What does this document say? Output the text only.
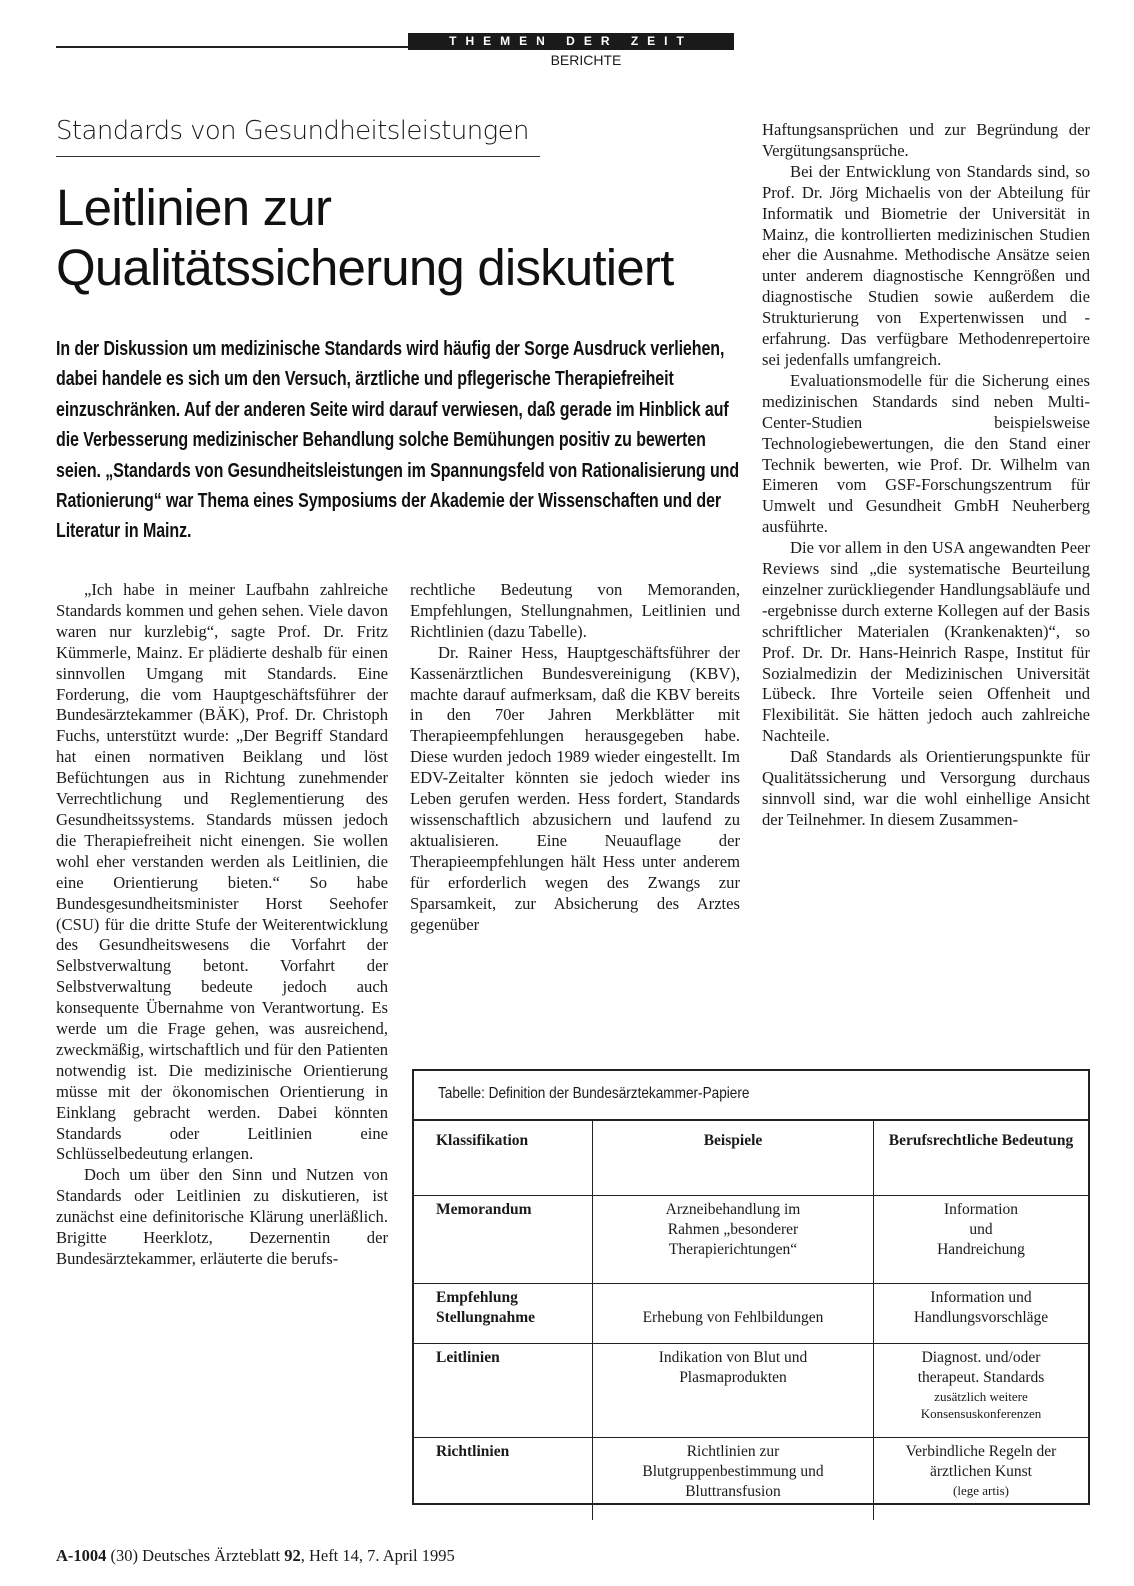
THEMEN DER ZEIT
BERICHTE
Standards von Gesundheitsleistungen
Leitlinien zur Qualitätssicherung diskutiert

In der Diskussion um medizinische Standards wird häufig der Sorge Ausdruck verliehen, dabei handele es sich um den Versuch, ärztliche und pflegerische Therapiefreiheit einzuschränken. Auf der anderen Seite wird darauf verwiesen, daß gerade im Hinblick auf die Verbesserung medizinischer Behandlung solche Bemühungen positiv zu bewerten seien. „Standards von Gesundheitsleistungen im Spannungsfeld von Rationalisierung und Rationierung“ war Thema eines Symposiums der Akademie der Wissenschaften und der Literatur in Mainz.

„Ich habe in meiner Laufbahn zahlreiche Standards kommen und gehen sehen. Viele davon waren nur kurzlebig“, sagte Prof. Dr. Fritz Kümmerle, Mainz. Er plädierte deshalb für einen sinnvollen Umgang mit Standards. Eine Forderung, die vom Hauptgeschäftsführer der Bundesärztekammer (BÄK), Prof. Dr. Christoph Fuchs, unterstützt wurde: „Der Begriff Standard hat einen normativen Beiklang und löst Befüchtungen aus in Richtung zunehmender Verrechtlichung und Reglementierung des Gesundheitssystems. Standards müssen jedoch die Therapiefreiheit nicht einengen. Sie wollen wohl eher verstanden werden als Leitlinien, die eine Orientierung bieten.“ So habe Bundesgesundheitsminister Horst Seehofer (CSU) für die dritte Stufe der Weiterentwicklung des Gesundheitswesens die Vorfahrt der Selbstverwaltung betont. Vorfahrt der Selbstverwaltung bedeute jedoch auch konsequente Übernahme von Verantwortung. Es werde um die Frage gehen, was ausreichend, zweckmäßig, wirtschaftlich und für den Patienten notwendig ist. Die medizinische Orientierung müsse mit der ökonomischen Orientierung in Einklang gebracht werden. Dabei könnten Standards oder Leitlinien eine Schlüsselbedeutung erlangen.

Doch um über den Sinn und Nutzen von Standards oder Leitlinien zu diskutieren, ist zunächst eine definitorische Klärung unerläßlich. Brigitte Heerklotz, Dezernentin der Bundesärztekammer, erläuterte die berufs-

rechtliche Bedeutung von Memoranden, Empfehlungen, Stellungnahmen, Leitlinien und Richtlinien (dazu Tabelle).

Dr. Rainer Hess, Hauptgeschäftsführer der Kassenärztlichen Bundesvereinigung (KBV), machte darauf aufmerksam, daß die KBV bereits in den 70er Jahren Merkblätter mit Therapieempfehlungen herausgegeben habe. Diese wurden jedoch 1989 wieder eingestellt. Im EDV-Zeitalter könnten sie jedoch wieder ins Leben gerufen werden. Hess fordert, Standards wissenschaftlich abzusichern und laufend zu aktualisieren. Eine Neuauflage der Therapieempfehlungen hält Hess unter anderem für erforderlich wegen des Zwangs zur Sparsamkeit, zur Absicherung des Arztes gegenüber

Haftungsansprüchen und zur Begründung der Vergütungsansprüche.

Bei der Entwicklung von Standards sind, so Prof. Dr. Jörg Michaelis von der Abteilung für Informatik und Biometrie der Universität in Mainz, die kontrollierten medizinischen Studien eher die Ausnahme. Methodische Ansätze seien unter anderem diagnostische Kenngrößen und diagnostische Studien sowie außerdem die Strukturierung von Expertenwissen und -erfahrung. Das verfügbare Methodenrepertoire sei jedenfalls umfangreich.

Evaluationsmodelle für die Sicherung eines medizinischen Standards sind neben Multi-Center-Studien beispielsweise Technologiebewertungen, die den Stand einer Technik bewerten, wie Prof. Dr. Wilhelm van Eimeren vom GSF-Forschungszentrum für Umwelt und Gesundheit GmbH Neuherberg ausführte.

Die vor allem in den USA angewandten Peer Reviews sind „die systematische Beurteilung einzelner zurückliegender Handlungsabläufe und -ergebnisse durch externe Kollegen auf der Basis schriftlicher Materialen (Krankenakten)“, so Prof. Dr. Dr. Hans-Heinrich Raspe, Institut für Sozialmedizin der Medizinischen Universität Lübeck. Ihre Vorteile seien Offenheit und Flexibilität. Sie hätten jedoch auch zahlreiche Nachteile.

Daß Standards als Orientierungspunkte für Qualitätssicherung und Versorgung durchaus sinnvoll sind, war die wohl einhellige Ansicht der Teilnehmer. In diesem Zusammen-

Tabelle: Definition der Bundesärztekammer-Papiere
Klassifikation	Beispiele	Berufsrechtliche Bedeutung

Memorandum	Arzneibehandlung im
Rahmen „besonderer
Therapierichtungen“	Information
und
Handreichung

Empfehlung
Stellungnahme	Erhebung von Fehlbildungen	Information und
Handlungsvorschläge

Leitlinien	Indikation von Blut und
Plasmaprodukten	Diagnost. und/oder
therapeut. Standards
zusätzlich weitere
Konsensuskonferenzen

Richtlinien	Richtlinien zur
Blutgruppenbestimmung und
Bluttransfusion	Verbindliche Regeln der
ärztlichen Kunst
(lege artis)
A-1004 (30) Deutsches Ärzteblatt 92, Heft 14, 7. April 1995
